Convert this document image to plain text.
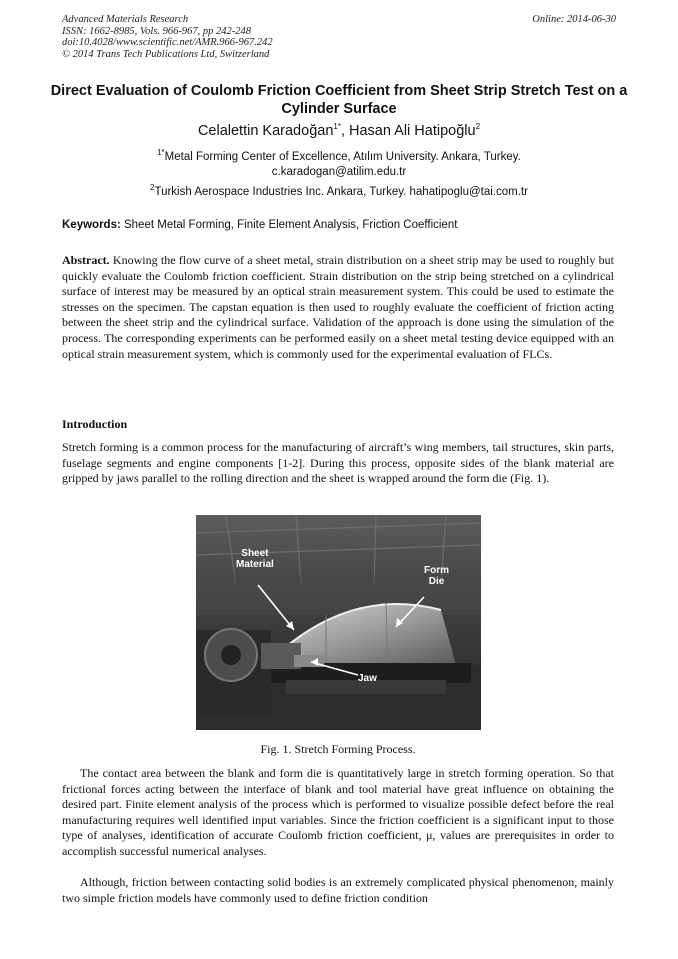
Advanced Materials Research
ISSN: 1662-8985, Vols. 966-967, pp 242-248
doi:10.4028/www.scientific.net/AMR.966-967.242
© 2014 Trans Tech Publications Ltd, Switzerland
Online: 2014-06-30
Direct Evaluation of Coulomb Friction Coefficient from Sheet Strip Stretch Test on a Cylinder Surface
Celalettin Karadoğan$^{1*}$, Hasan Ali Hatipoğlu$^2$
$^{1*}$Metal Forming Center of Excellence, Atılım University. Ankara, Turkey.
c.karadogan@atilim.edu.tr
$^2$Turkish Aerospace Industries Inc. Ankara, Turkey. hahatipoglu@tai.com.tr
Keywords: Sheet Metal Forming, Finite Element Analysis, Friction Coefficient
Abstract. Knowing the flow curve of a sheet metal, strain distribution on a sheet strip may be used to roughly but quickly evaluate the Coulomb friction coefficient. Strain distribution on the strip being stretched on a cylindrical surface of interest may be measured by an optical strain measurement system. This could be used to estimate the stresses on the specimen. The capstan equation is then used to roughly evaluate the coefficient of friction acting between the sheet strip and the cylindrical surface. Validation of the approach is done using the simulation of the process. The corresponding experiments can be performed easily on a sheet metal testing device equipped with an optical strain measurement system, which is commonly used for the experimental evaluation of FLCs.
Introduction
Stretch forming is a common process for the manufacturing of aircraft’s wing members, tail structures, skin parts, fuselage segments and engine components [1-2]. During this process, opposite sides of the blank material are gripped by jaws parallel to the rolling direction and the sheet is wrapped around the form die (Fig. 1).
Sheet
Material
Form
Die
Jaw
Fig. 1. Stretch Forming Process.
The contact area between the blank and form die is quantitatively large in stretch forming operation. So that frictional forces acting between the interface of blank and tool material have great influence on obtaining the desired part. Finite element analysis of the process which is performed to visualize possible defect before the real manufacturing requires well identified input variables. Since the friction coefficient is a significant input to those type of analyses, identification of accurate Coulomb friction coefficient, μ, values are prerequisites in order to accomplish successful numerical analyses.
Although, friction between contacting solid bodies is an extremely complicated physical phenomenon, mainly two simple friction models have commonly used to define friction condition
